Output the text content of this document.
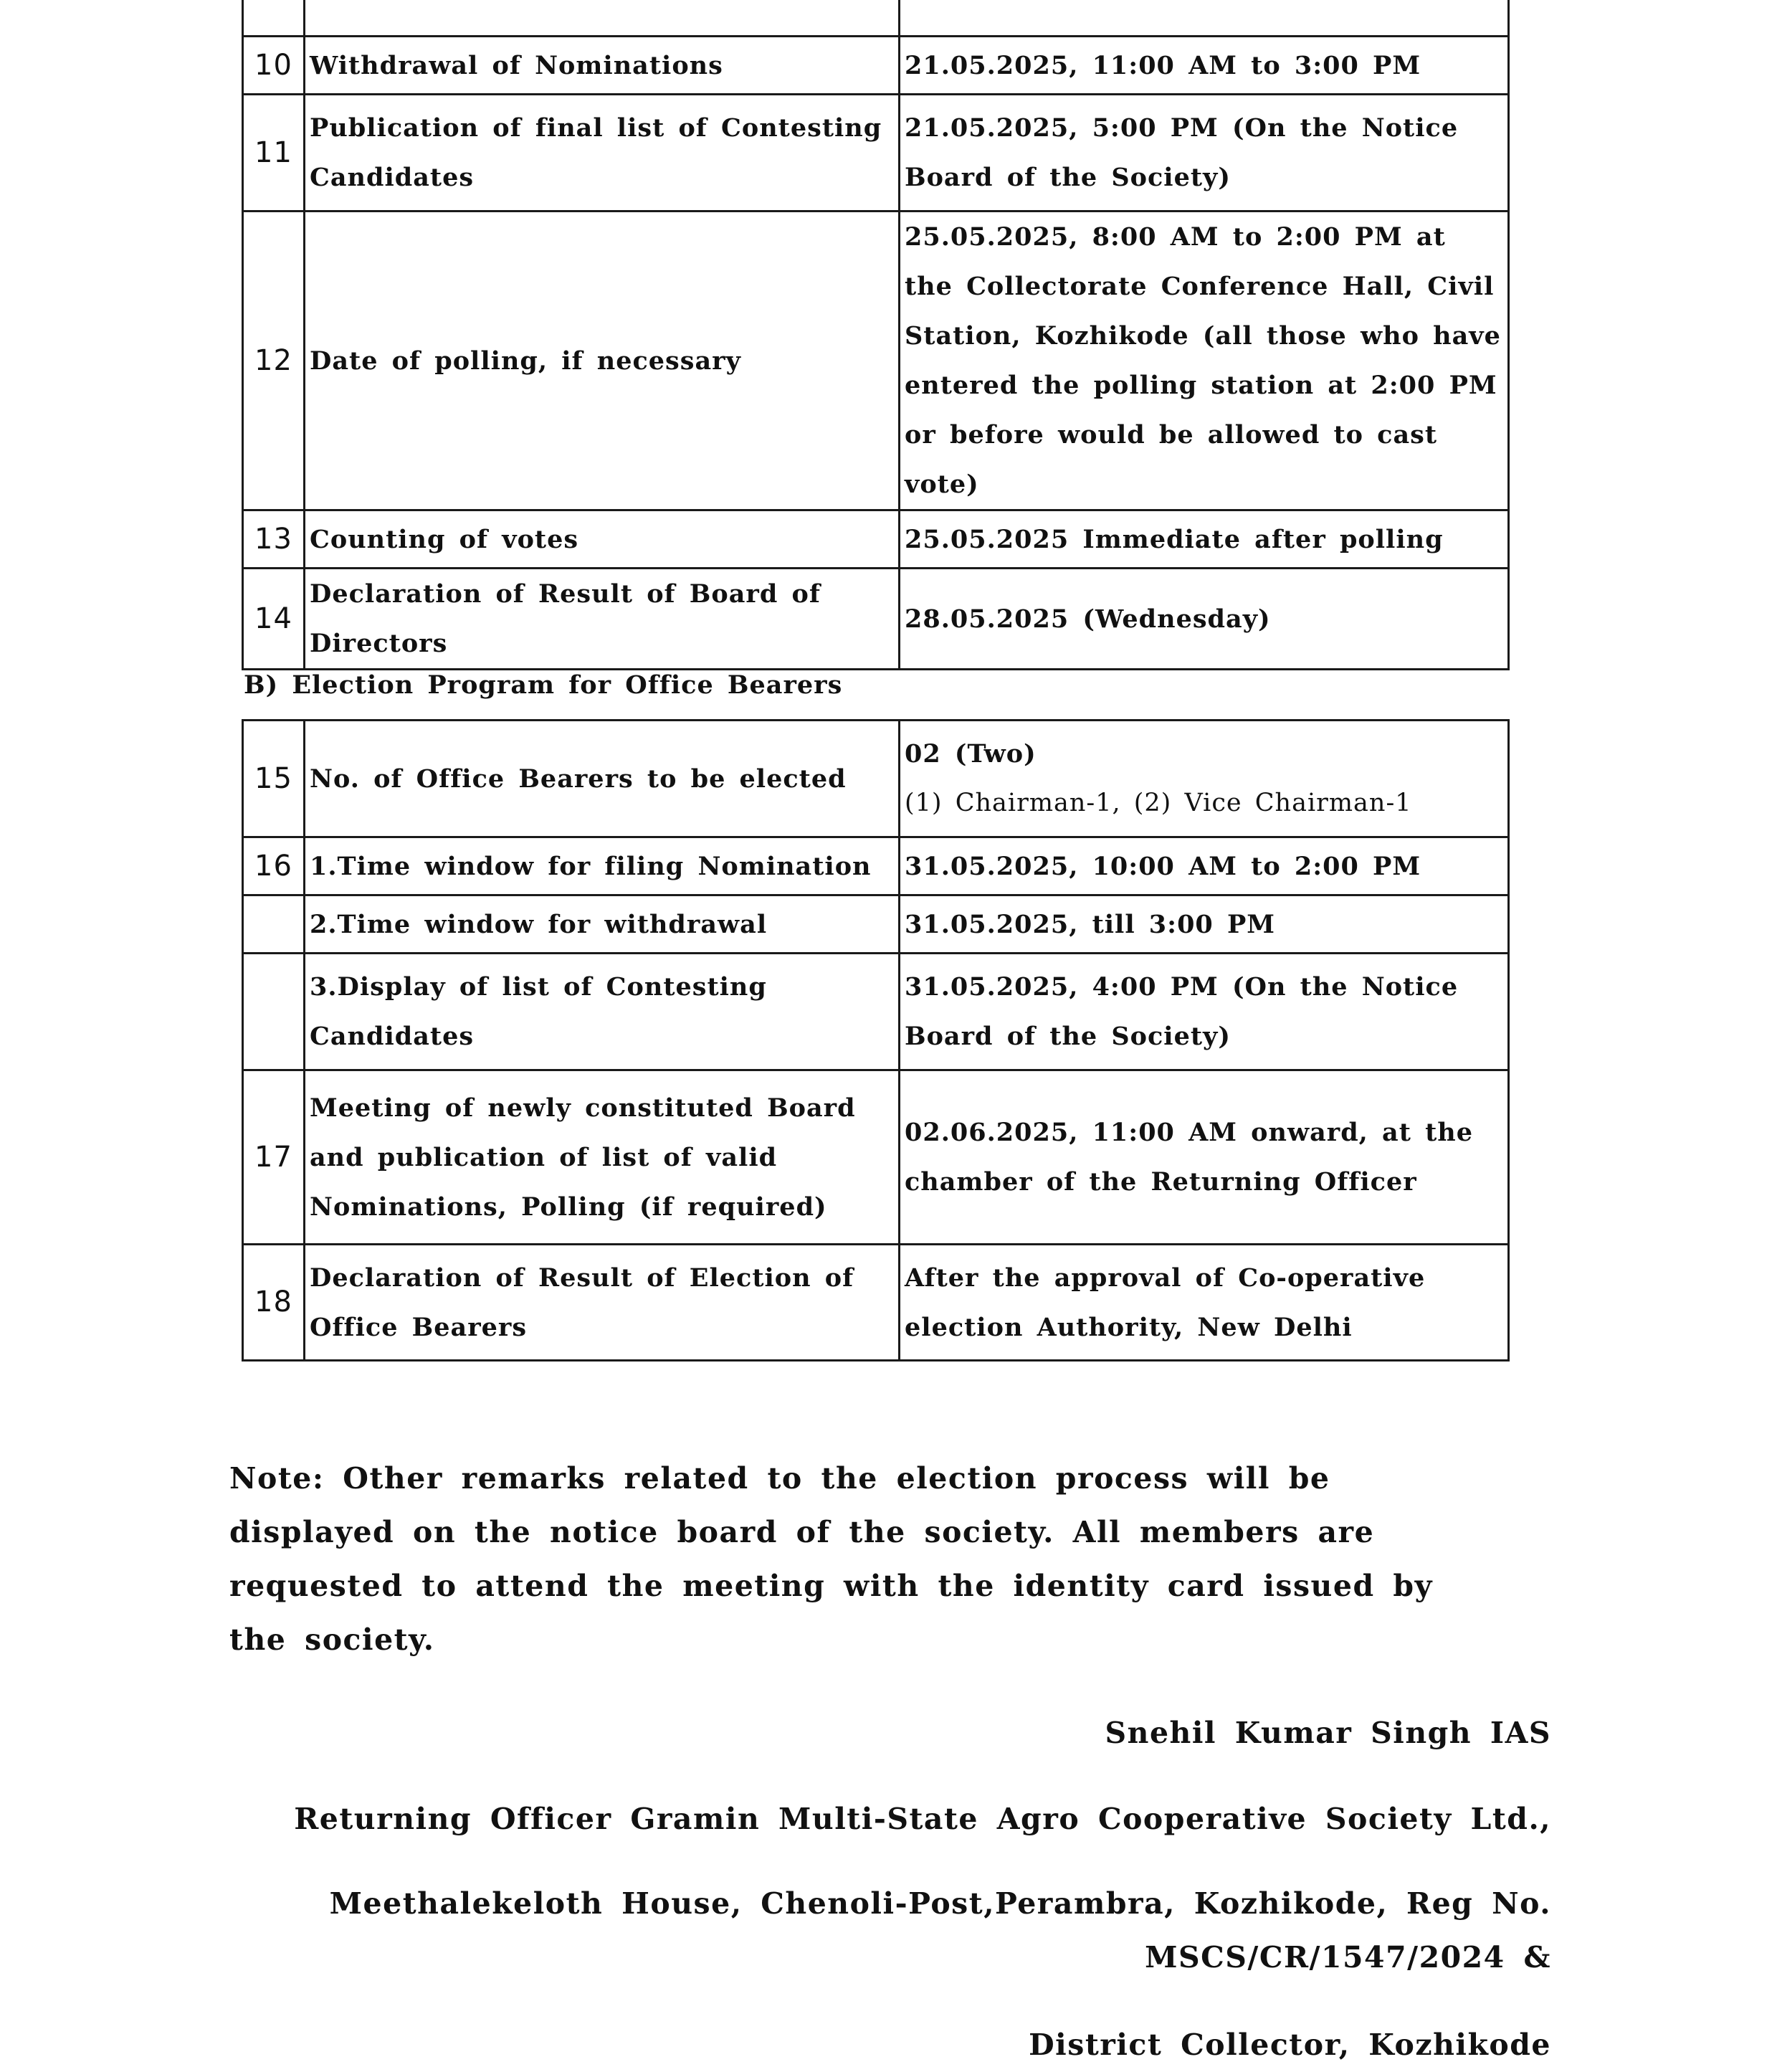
10	Withdrawal of Nominations	21.05.2025, 11:00 AM to 3:00 PM
11	Publication of final list of Contesting Candidates	21.05.2025, 5:00 PM (On the Notice Board of the Society)
12	Date of polling, if necessary	25.05.2025, 8:00 AM to 2:00 PM at the Collectorate Conference Hall, Civil Station, Kozhikode (all those who have entered the polling station at 2:00 PM or before would be allowed to cast vote)
13	Counting of votes	25.05.2025 Immediate after polling
14	Declaration of Result of Board of Directors	28.05.2025 (Wednesday)
B) Election Program for Office Bearers
15	No. of Office Bearers to be elected	02 (Two)
(1) Chairman-1, (2) Vice Chairman-1

16	1.Time window for filing Nomination	31.05.2025, 10:00 AM to 2:00 PM
	2.Time window for withdrawal	31.05.2025, till 3:00 PM
	3.Display of list of Contesting Candidates	31.05.2025, 4:00 PM (On the Notice Board of the Society)
17	Meeting of newly constituted Board and publication of list of valid Nominations, Polling (if required)	02.06.2025, 11:00 AM onward, at the chamber of the Returning Officer
18	Declaration of Result of Election of Office Bearers	After the approval of Co-operative election Authority, New Delhi
Note: Other remarks related to the election process will be displayed on the notice board of the society. All members are requested to attend the meeting with the identity card issued by the society.
Snehil Kumar Singh IAS
Returning Officer Gramin Multi-State Agro Cooperative Society Ltd.,
Meethalekeloth House, Chenoli-Post,Perambra, Kozhikode, Reg No.
MSCS/CR/1547/2024 &
District Collector, Kozhikode
